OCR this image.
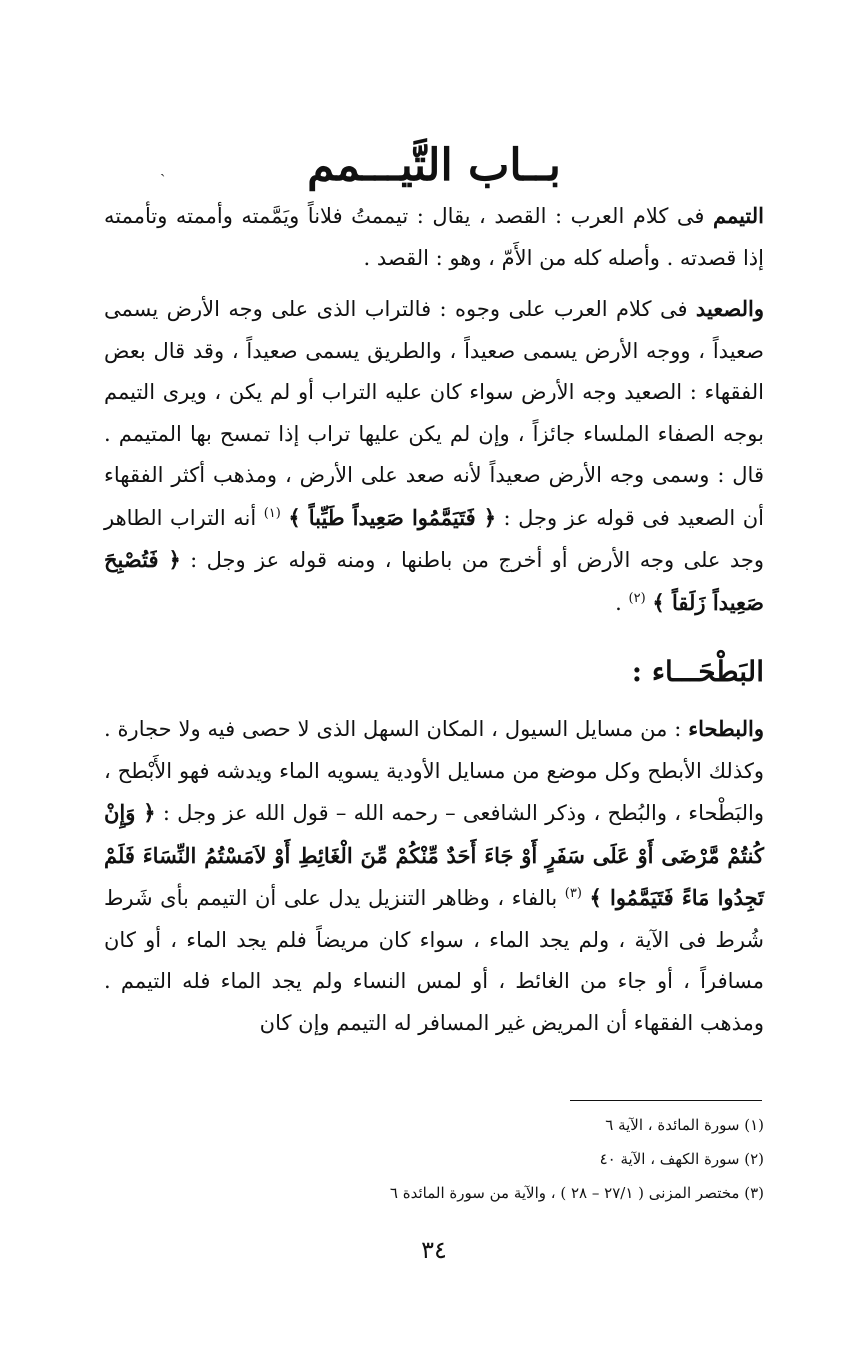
ˏ	بــاب التَّيـــمم

التيمم فى كلام العرب : القصد ، يقال : تيممتُ فلاناً ويَمَّمته وأممته وتأممته إذا قصدته . وأصله كله من الأَمّ ، وهو : القصد .

والصعيد فى كلام العرب على وجوه : فالتراب الذى على وجه الأرض يسمى صعيداً ، ووجه الأرض يسمى صعيداً ، والطريق يسمى صعيداً ، وقد قال بعض الفقهاء : الصعيد وجه الأرض سواء كان عليه التراب أو لم يكن ، ويرى التيمم بوجه الصفاء الملساء جائزاً ، وإن لم يكن عليها تراب إذا تمسح بها المتيمم . قال : وسمى وجه الأرض صعيداً لأنه صعد على الأرض ، ومذهب أكثر الفقهاء أن الصعيد فى قوله عز وجل : ﴿ فَتَيَمَّمُوا صَعِيداً طَيِّباً ﴾ $^{(١)}$ أنه التراب الطاهر وجد على وجه الأرض أو أخرج من باطنها ، ومنه قوله عز وجل : ﴿ فَتُصْبِحَ صَعِيداً زَلَقاً ﴾ $^{(٢)}$ .

البَطْحَـــاء :

والبطحاء : من مسايل السيول ، المكان السهل الذى لا حصى فيه ولا حجارة . وكذلك الأبطح وكل موضع من مسايل الأودية يسويه الماء ويدشه فهو الأَبْطح ، والبَطْحاء ، والبُطح ، وذكر الشافعى – رحمه الله – قول الله عز وجل : ﴿ وَإِنْ كُنتُمْ مَّرْضَى أَوْ عَلَى سَفَرٍ أَوْ جَاءَ أَحَدٌ مِّنْكُمْ مِّنَ الْغَائِطِ أَوْ لاَمَسْتُمُ النِّسَاءَ فَلَمْ تَجِدُوا مَاءً فَتَيَمَّمُوا ﴾ $^{(٣)}$ بالفاء ، وظاهر التنزيل يدل على أن التيمم بأى شَرط شُرط فى الآية ، ولم يجد الماء ، سواء كان مريضاً فلم يجد الماء ، أو كان مسافراً ، أو جاء من الغائط ، أو لمس النساء ولم يجد الماء فله التيمم . ومذهب الفقهاء أن المريض غير المسافر له التيمم وإن كان

(١) سورة المائدة ، الآية ٦
(٢) سورة الكهف ، الآية ٤٠
(٣) مختصر المزنى ( ٢٧/١ – ٢٨ ) ، والآية من سورة المائدة ٦
٣٤
